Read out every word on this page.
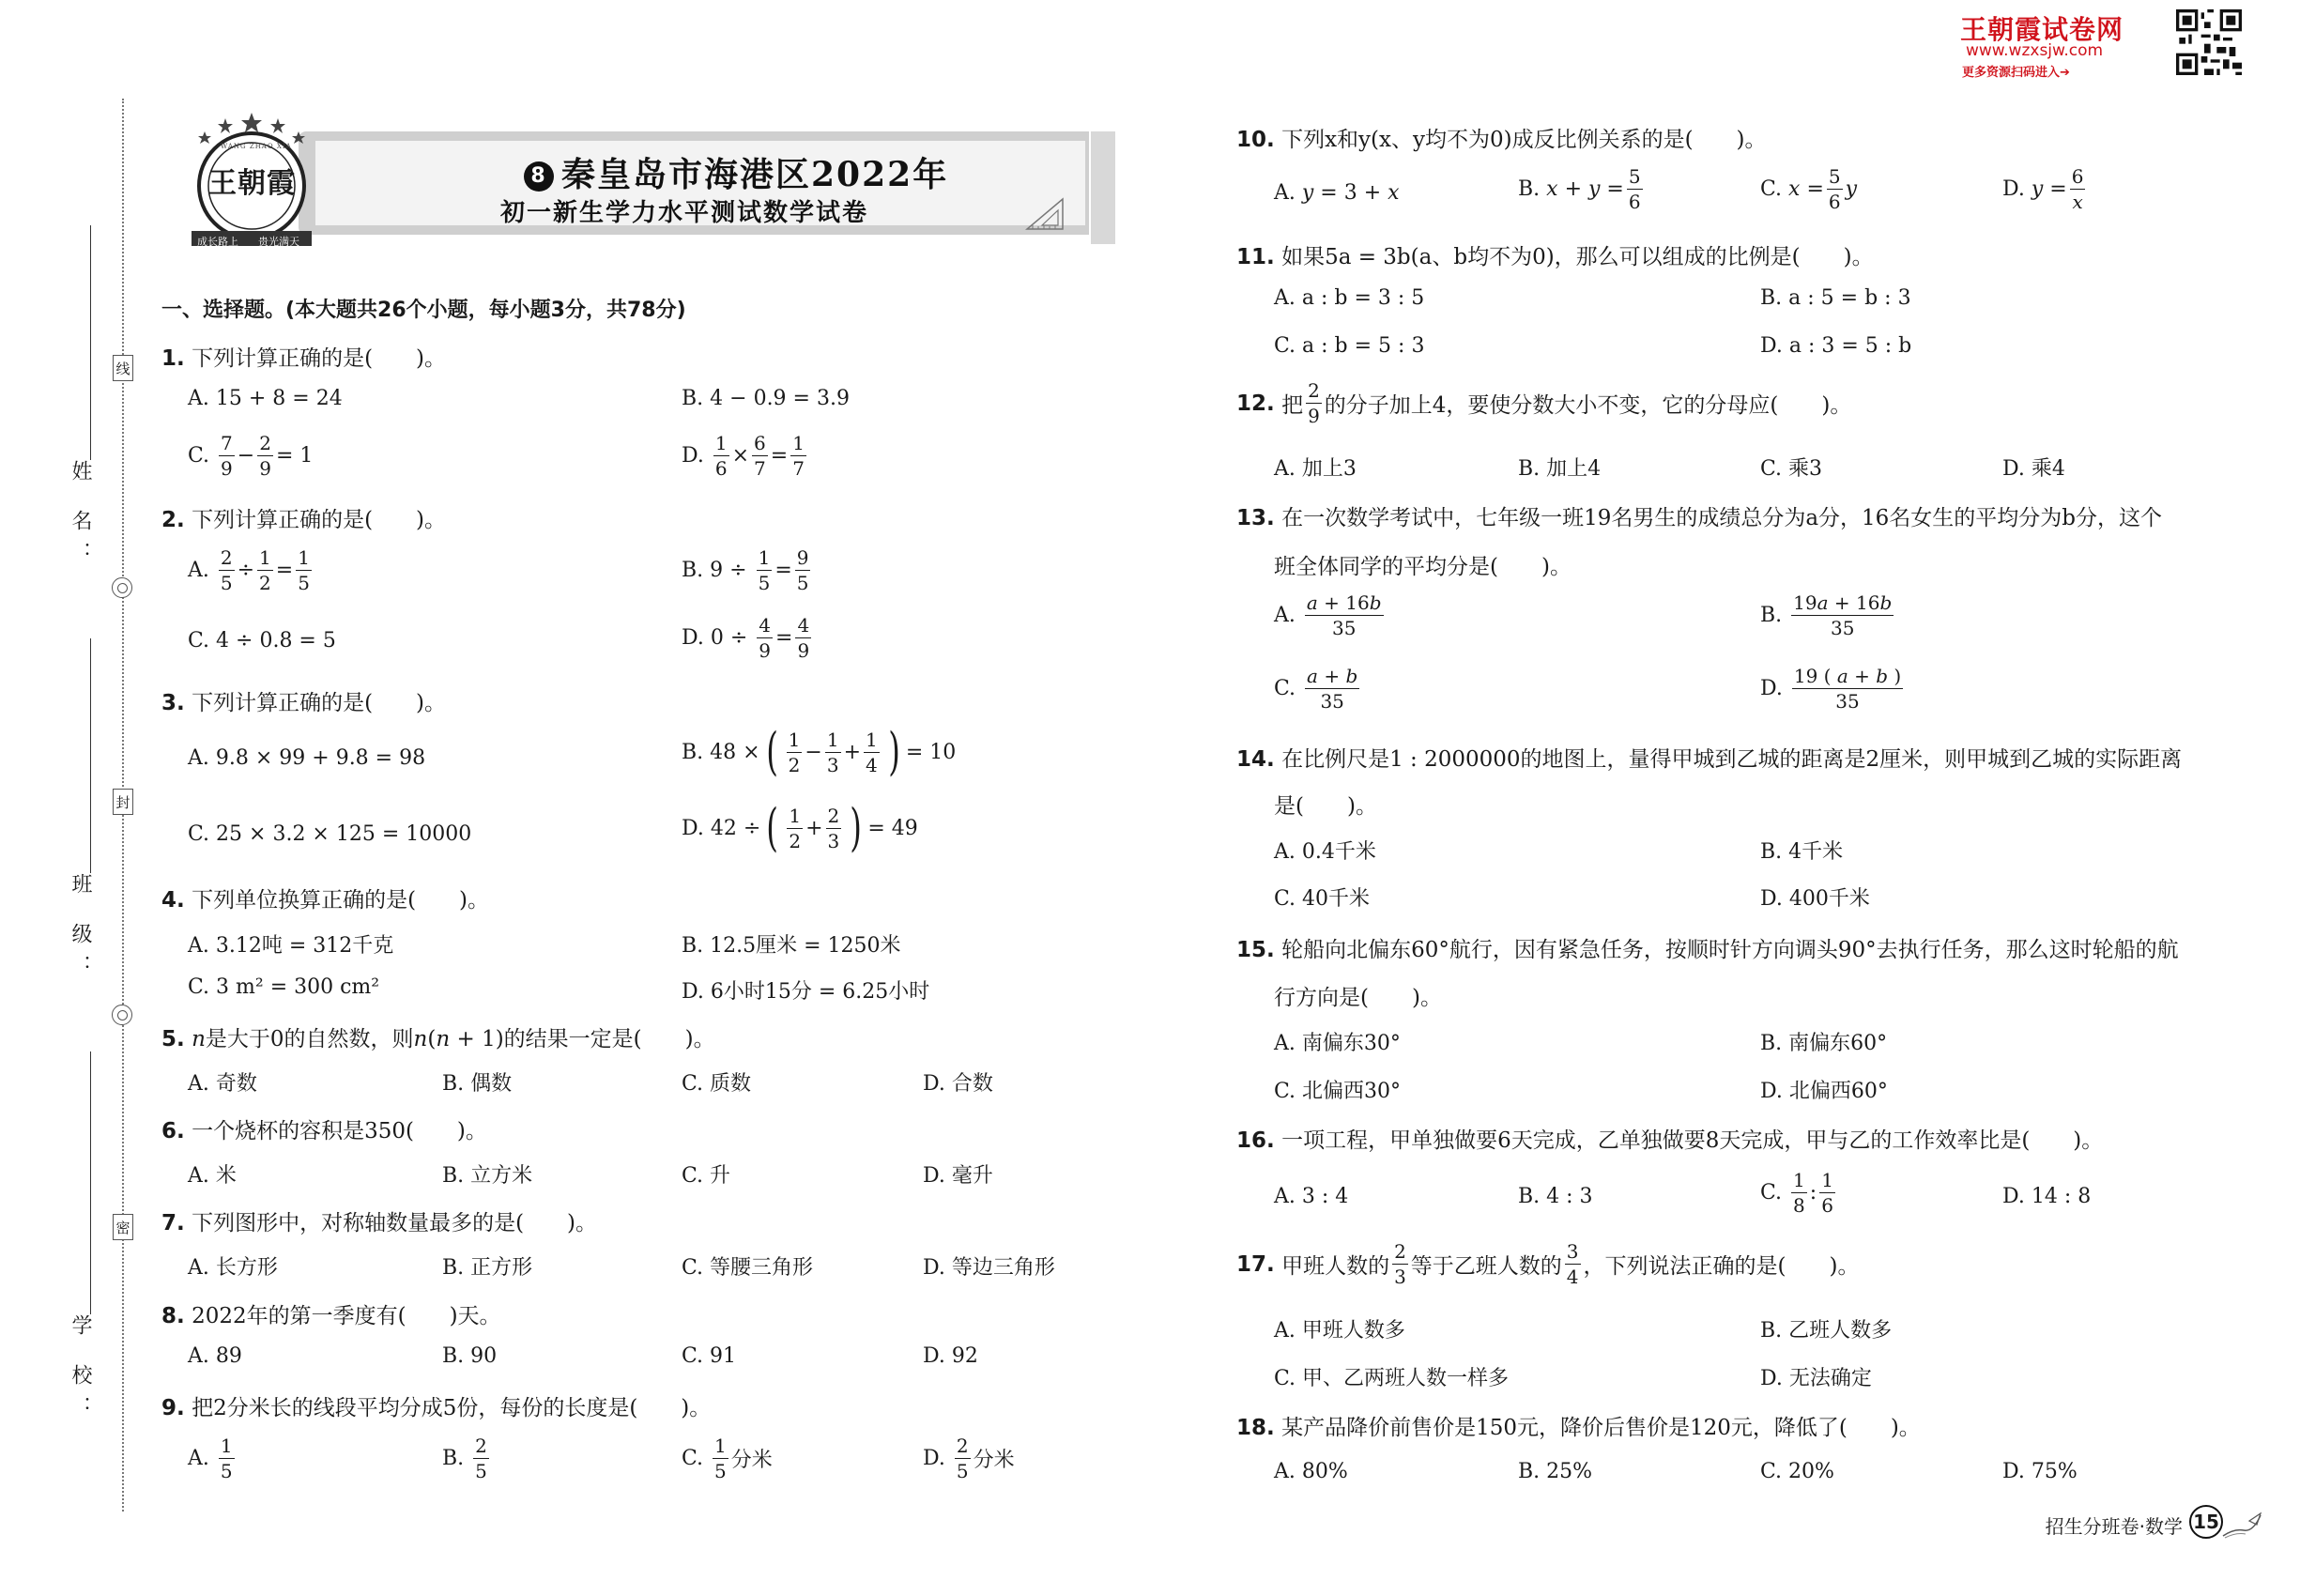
王朝霞试卷网
www.wzxsjw.com
更多资源扫码进入➔
线
封
密
姓 名：
班 级：
学 校：
8 秦皇岛市海港区2022年
初一新生学力水平测试数学试卷
王朝霞
WANG ZHAO XIA
成长路上 贵光满天
一、选择题。(本大题共26个小题，每小题3分，共78分)
1. 下列计算正确的是(　　)。
A. 15 + 8 = 24	B. 4 − 0.9 = 3.9
C. $\frac{7}{9} - \frac{2}{9} = 1$	D. $\frac{1}{6} \times \frac{6}{7} = \frac{1}{7}$
2. 下列计算正确的是(　　)。
A. $\frac{2}{5} \div \frac{1}{2} = \frac{1}{5}$	B. $9 \div \frac{1}{5} = \frac{9}{5}$
C. 4 ÷ 0.8 = 5	D. $0 \div \frac{4}{9} = \frac{4}{9}$
3. 下列计算正确的是(　　)。
A. 9.8 × 99 + 9.8 = 98	B. 48 × ( $\frac{1}{2} - \frac{1}{3} + \frac{1}{4}$ ) = 10
C. 25 × 3.2 × 125 = 10000	D. 42 ÷ ( $\frac{1}{2} + \frac{2}{3}$ ) = 49
4. 下列单位换算正确的是(　　)。
A. 3.12吨 = 312千克	B. 12.5厘米 = 1250米
C. 3 m² = 300 cm²	D. 6小时15分 = 6.25小时
5. n是大于0的自然数，则n(n + 1)的结果一定是(　　)。
A. 奇数	B. 偶数	C. 质数	D. 合数
6. 一个烧杯的容积是350(　　)。
A. 米	B. 立方米	C. 升	D. 毫升
7. 下列图形中，对称轴数量最多的是(　　)。
A. 长方形	B. 正方形	C. 等腰三角形	D. 等边三角形
8. 2022年的第一季度有(　　)天。
A. 89	B. 90	C. 91	D. 92
9. 把2分米长的线段平均分成5份，每份的长度是(　　)。
A. $\frac{1}{5}$	B. $\frac{2}{5}$	C. $\frac{1}{5}$ 分米	D. $\frac{2}{5}$ 分米
10. 下列x和y(x、y均不为0)成反比例关系的是(　　)。
A. y = 3 + x	B. $x + y = \frac{5}{6}$	C. $x = \frac{5}{6}$ y	D. $y = \frac{6}{x}$
11. 如果5a = 3b(a、b均不为0)，那么可以组成的比例是(　　)。
A. a : b = 3 : 5	B. a : 5 = b : 3
C. a : b = 5 : 3	D. a : 3 = 5 : b
12.
把 $\frac{2}{9}$ 的分子加上4，要使分数大小不变，它的分母应(　　)。
A. 加上3	B. 加上4	C. 乘3	D. 乘4
13. 在一次数学考试中，七年级一班19名男生的成绩总分为a分，16名女生的平均分为b分，这个
班全体同学的平均分是(　　)。
A. $\frac{a + 16b}{35}$	B. $\frac{19a + 16b}{35}$
C. $\frac{a + b}{35}$	D. $\frac{19 ( a + b )}{35}$
14. 在比例尺是1 : 2000000的地图上，量得甲城到乙城的距离是2厘米，则甲城到乙城的实际距离
是(　　)。
A. 0.4千米	B. 4千米
C. 40千米	D. 400千米
15. 轮船向北偏东60°航行，因有紧急任务，按顺时针方向调头90°去执行任务，那么这时轮船的航
行方向是(　　)。
A. 南偏东30°	B. 南偏东60°
C. 北偏西30°	D. 北偏西60°
16. 一项工程，甲单独做要6天完成，乙单独做要8天完成，甲与乙的工作效率比是(　　)。
A. 3 : 4	B. 4 : 3	C. $\frac{1}{8}$ : $\frac{1}{6}$	D. 14 : 8
17.
甲班人数的 $\frac{2}{3}$ 等于乙班人数的 $\frac{3}{4}$ ，下列说法正确的是(　　)。
A. 甲班人数多	B. 乙班人数多
C. 甲、乙两班人数一样多	D. 无法确定
18. 某产品降价前售价是150元，降价后售价是120元，降低了(　　)。
A. 80%	B. 25%	C. 20%	D. 75%
招生分班卷·数学 15
